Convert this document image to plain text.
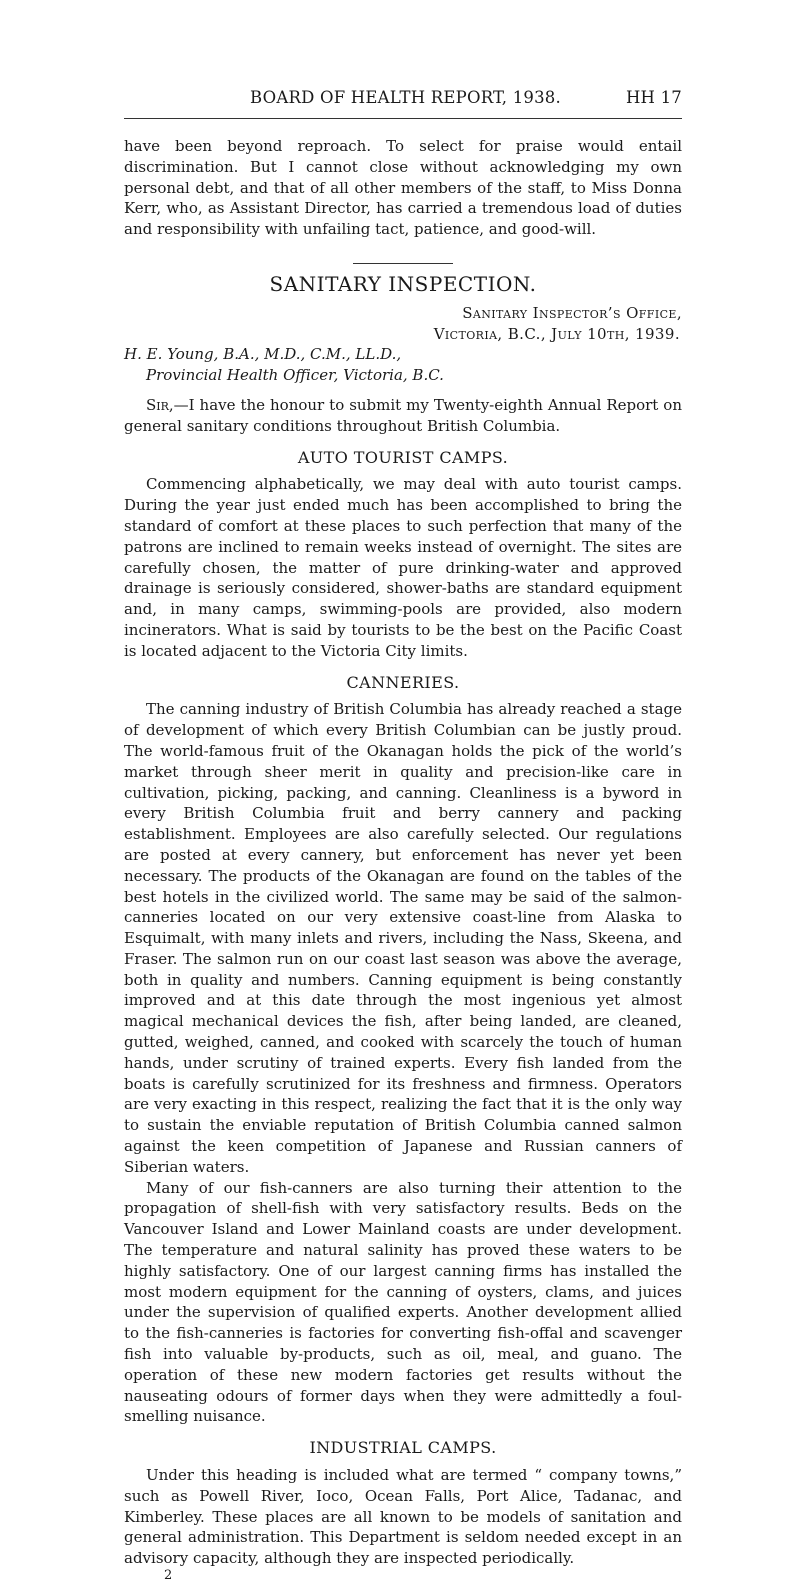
BOARD OF HEALTH REPORT, 1938.	HH 17

have been beyond reproach. To select for praise would entail discrimination. But I cannot close without acknowledging my own personal debt, and that of all other members of the staff, to Miss Donna Kerr, who, as Assistant Director, has carried a tremendous load of duties and responsibility with unfailing tact, patience, and good-will.

SANITARY INSPECTION.
Sanitary Inspector’s Office,
Victoria, B.C., July 10th, 1939.
H. E. Young, B.A., M.D., C.M., LL.D.,
Provincial Health Officer, Victoria, B.C.

Sir,—I have the honour to submit my Twenty-eighth Annual Report on general sanitary conditions throughout British Columbia.

AUTO TOURIST CAMPS.

Commencing alphabetically, we may deal with auto tourist camps. During the year just ended much has been accomplished to bring the standard of comfort at these places to such perfection that many of the patrons are inclined to remain weeks instead of overnight. The sites are carefully chosen, the matter of pure drinking-water and approved drainage is seriously considered, shower-baths are standard equipment and, in many camps, swimming-pools are provided, also modern incinerators. What is said by tourists to be the best on the Pacific Coast is located adjacent to the Victoria City limits.

CANNERIES.

The canning industry of British Columbia has already reached a stage of development of which every British Columbian can be justly proud. The world-famous fruit of the Okanagan holds the pick of the world’s market through sheer merit in quality and precision-like care in cultivation, picking, packing, and canning. Cleanliness is a byword in every British Columbia fruit and berry cannery and packing establishment. Employees are also carefully selected. Our regulations are posted at every cannery, but enforcement has never yet been necessary. The products of the Okanagan are found on the tables of the best hotels in the civilized world. The same may be said of the salmon-canneries located on our very extensive coast-line from Alaska to Esquimalt, with many inlets and rivers, including the Nass, Skeena, and Fraser. The salmon run on our coast last season was above the average, both in quality and numbers. Canning equipment is being constantly improved and at this date through the most ingenious yet almost magical mechanical devices the fish, after being landed, are cleaned, gutted, weighed, canned, and cooked with scarcely the touch of human hands, under scrutiny of trained experts. Every fish landed from the boats is carefully scrutinized for its freshness and firmness. Operators are very exacting in this respect, realizing the fact that it is the only way to sustain the enviable reputation of British Columbia canned salmon against the keen competition of Japanese and Russian canners of Siberian waters.

Many of our fish-canners are also turning their attention to the propagation of shell-fish with very satisfactory results. Beds on the Vancouver Island and Lower Mainland coasts are under development. The temperature and natural salinity has proved these waters to be highly satisfactory. One of our largest canning firms has installed the most modern equipment for the canning of oysters, clams, and juices under the supervision of qualified experts. Another development allied to the fish-canneries is factories for converting fish-offal and scavenger fish into valuable by-products, such as oil, meal, and guano. The operation of these new modern factories get results without the nauseating odours of former days when they were admittedly a foul-smelling nuisance.

INDUSTRIAL CAMPS.

Under this heading is included what are termed “ company towns,” such as Powell River, Ioco, Ocean Falls, Port Alice, Tadanac, and Kimberley. These places are all known to be models of sanitation and general administration. This Department is seldom needed except in an advisory capacity, although they are inspected periodically.

2
